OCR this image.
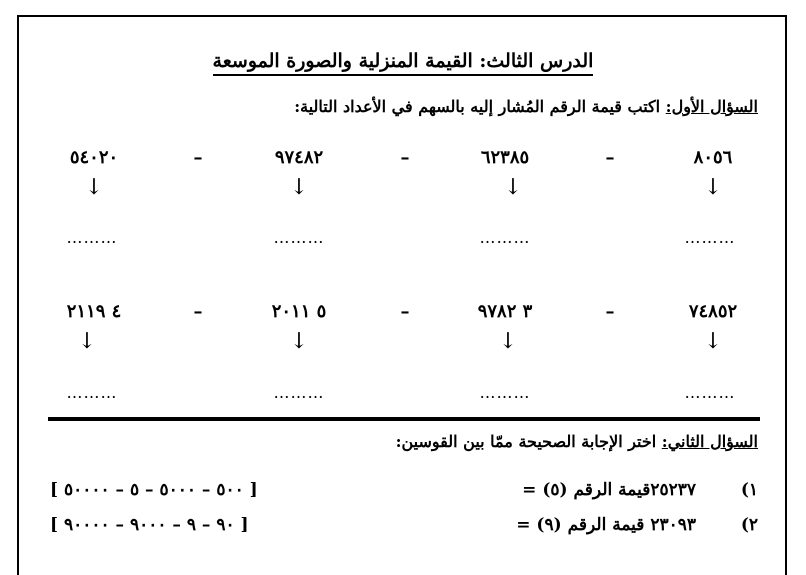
الدرس الثالث: القيمة المنزلية والصورة الموسعة
السؤال الأول: اكتب قيمة الرقم المُشار إليه بالسهم في الأعداد التالية:
٨٠٥٦
–
٦٢٣٨٥
–
٩٧٤٨٢
–
٥٤٠٢٠
↓
↓
↓
↓
………
………
………
………
٧٤٨٥٢
–
٣ ٩٧٨٢
–
٥ ٢٠١١
–
٤ ٢١١٩
↓
↓
↓
↓
………
………
………
………
السؤال الثاني: اختر الإجابة الصحيحة ممّا بين القوسين:
١)
٢٥٢٣٧قيمة الرقم (٥) =
[ ٥٠٠ – ٥٠٠٠ – ٥ – ٥٠٠٠٠ ]
٢)
٢٣٠٩٣ قيمة الرقم (٩) =
[ ٩٠ – ٩ – ٩٠٠٠ – ٩٠٠٠٠ ]
